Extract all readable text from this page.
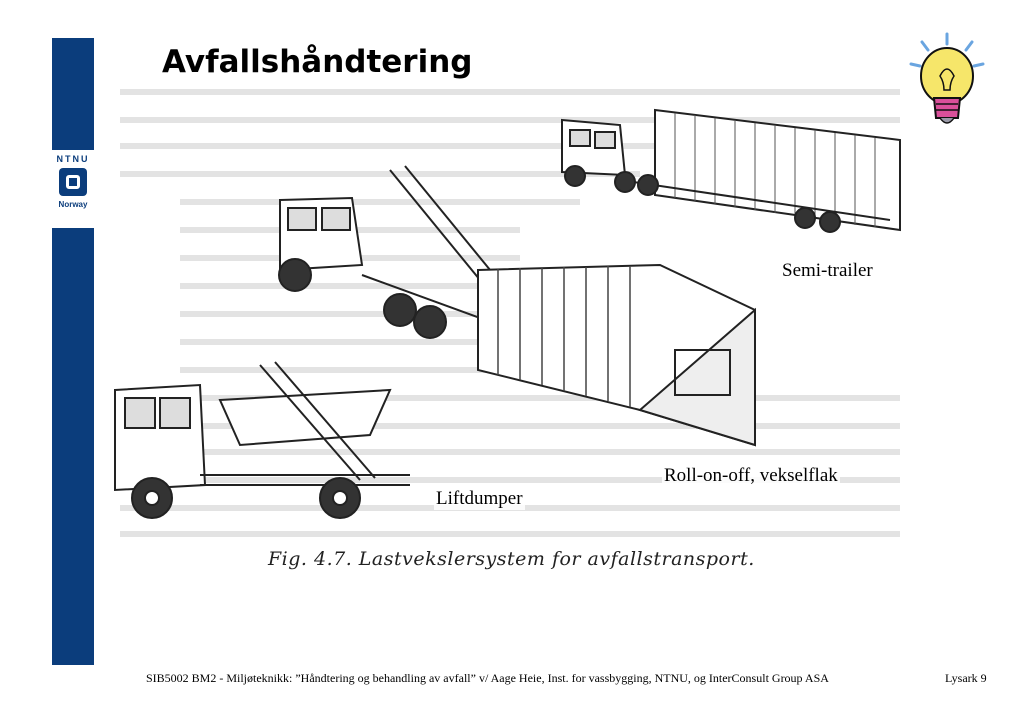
NTNU
Norway
Avfallshåndtering
Semi-trailer
Roll-on-off, vekselflak
Liftdumper
Fig. 4.7. Lastvekslersystem for avfallstransport.
SIB5002 BM2 - Miljøteknikk: ”Håndtering og behandling av avfall” v/ Aage Heie, Inst. for vassbygging, NTNU, og InterConsult Group ASA	Lysark 9
